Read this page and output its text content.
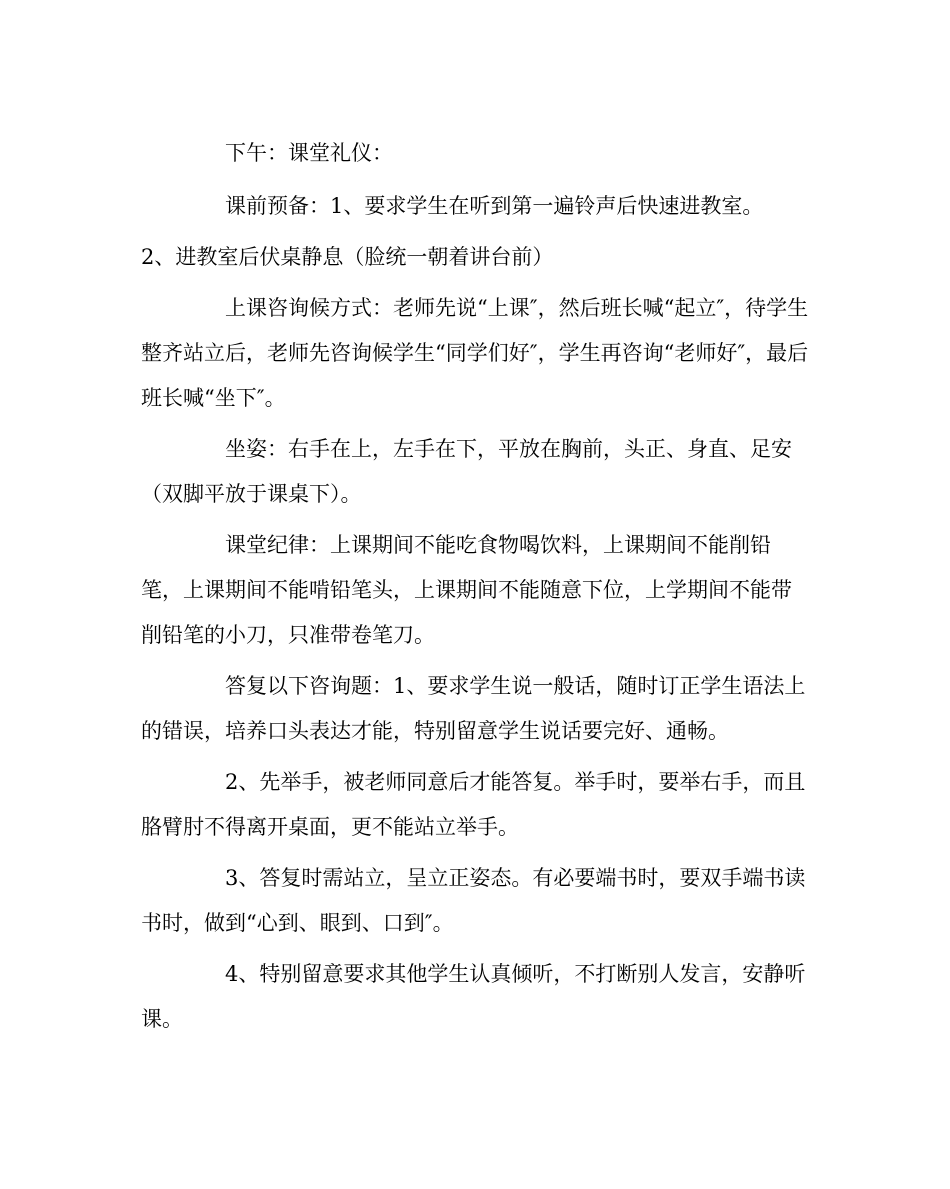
下午：课堂礼仪：

课前预备：1、要求学生在听到第一遍铃声后快速进教室。

2、进教室后伏桌静息（脸统一朝着讲台前）

上课咨询候方式：老师先说“上课″，然后班长喊“起立″，待学生整齐站立后，老师先咨询候学生“同学们好″，学生再咨询“老师好″，最后班长喊“坐下″。

坐姿：右手在上，左手在下，平放在胸前，头正、身直、足安（双脚平放于课桌下）。

课堂纪律：上课期间不能吃食物喝饮料，上课期间不能削铅笔，上课期间不能啃铅笔头，上课期间不能随意下位，上学期间不能带削铅笔的小刀，只准带卷笔刀。

答复以下咨询题：1、要求学生说一般话，随时订正学生语法上的错误，培养口头表达才能，特别留意学生说话要完好、通畅。

2、先举手，被老师同意后才能答复。举手时，要举右手，而且胳臂肘不得离开桌面，更不能站立举手。

3、答复时需站立，呈立正姿态。有必要端书时，要双手端书读书时，做到“心到、眼到、口到″。

4、特别留意要求其他学生认真倾听，不打断别人发言，安静听课。
